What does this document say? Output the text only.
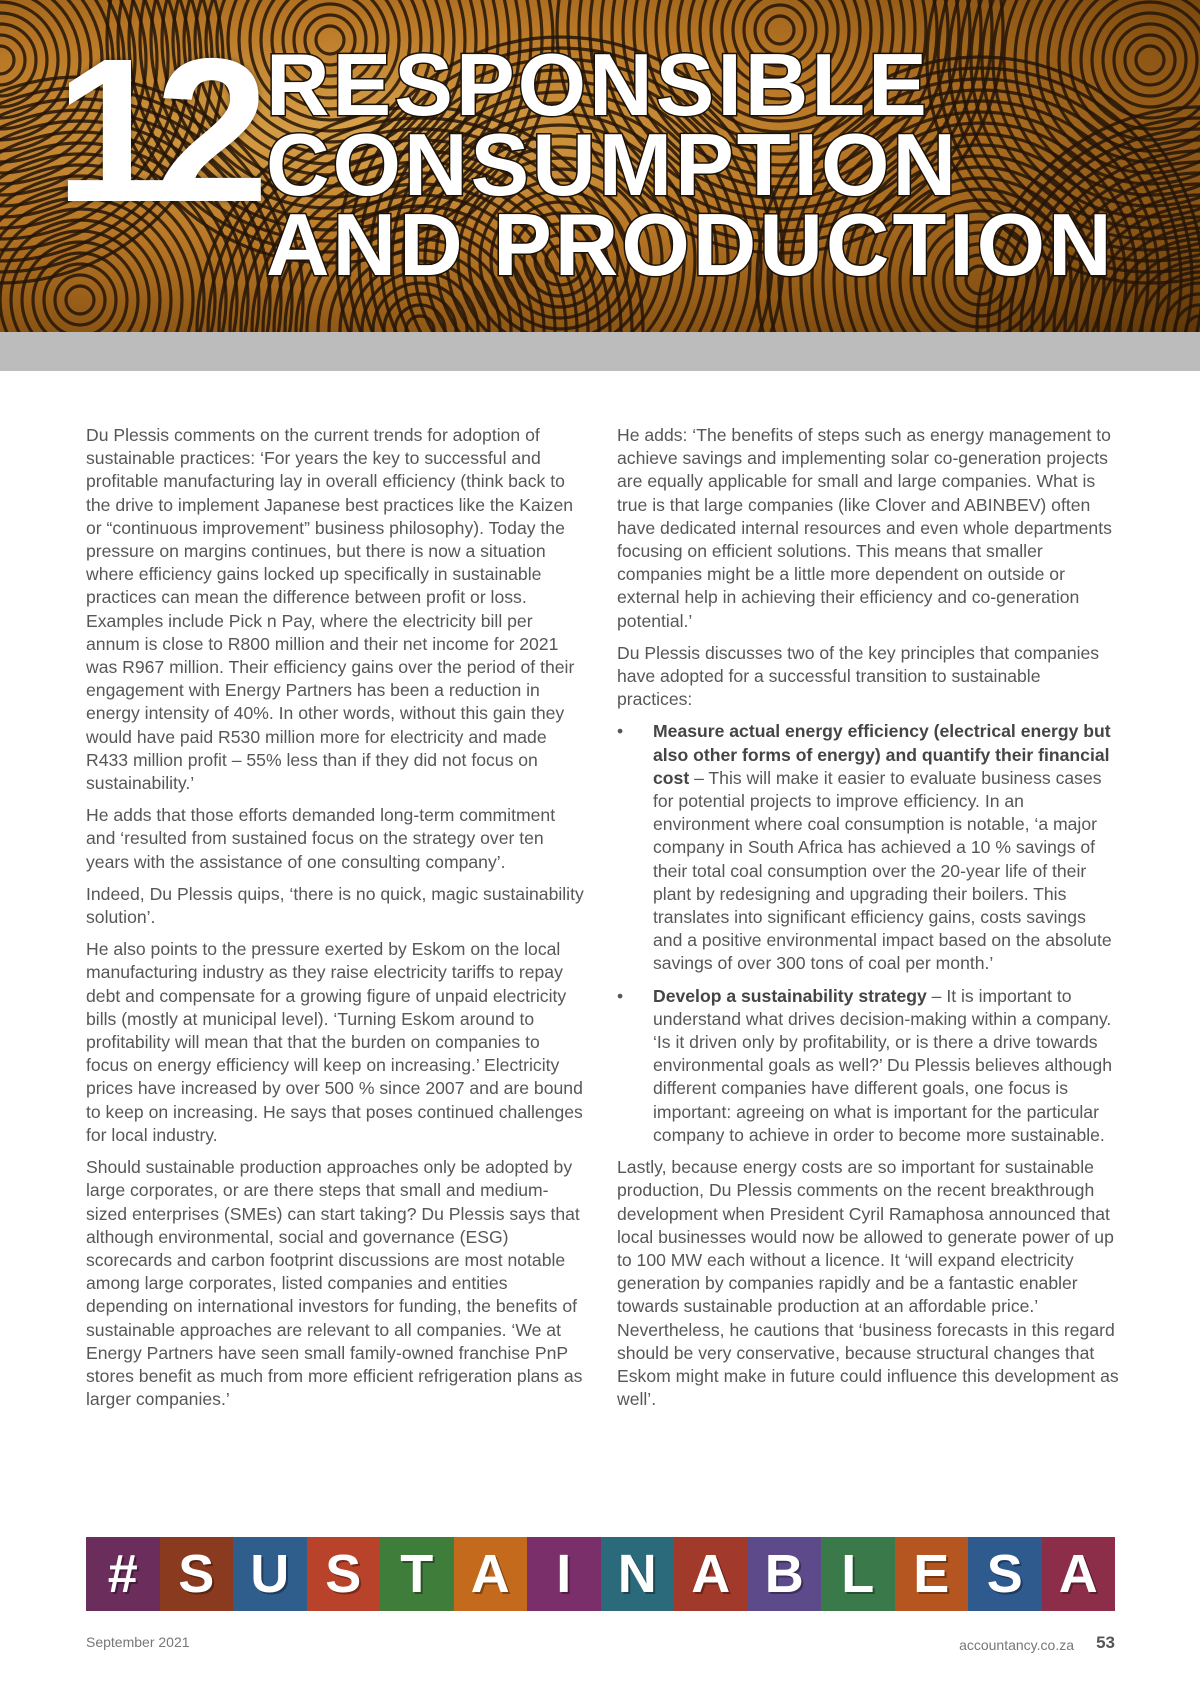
12 RESPONSIBLE
CONSUMPTION
AND PRODUCTION

Du Plessis comments on the current trends for adoption of sustainable practices: ‘For years the key to successful and profitable manufacturing lay in overall efficiency (think back to the drive to implement Japanese best practices like the Kaizen or “continuous improvement” business philosophy). Today the pressure on margins continues, but there is now a situation where efficiency gains locked up specifically in sustainable practices can mean the difference between profit or loss. Examples include Pick n Pay, where the electricity bill per annum is close to R800 million and their net income for 2021 was R967 million. Their efficiency gains over the period of their engagement with Energy Partners has been a reduction in energy intensity of 40%. In other words, without this gain they would have paid R530 million more for electricity and made R433 million profit – 55% less than if they did not focus on sustainability.’

He adds that those efforts demanded long-term commitment and ‘resulted from sustained focus on the strategy over ten years with the assistance of one consulting company’.

Indeed, Du Plessis quips, ‘there is no quick, magic sustainability solution’.

He also points to the pressure exerted by Eskom on the local manufacturing industry as they raise electricity tariffs to repay debt and compensate for a growing figure of unpaid electricity bills (mostly at municipal level). ‘Turning Eskom around to profitability will mean that that the burden on companies to focus on energy efficiency will keep on increasing.’ Electricity prices have increased by over 500 % since 2007 and are bound to keep on increasing. He says that poses continued challenges for local industry.

Should sustainable production approaches only be adopted by large corporates, or are there steps that small and medium-sized enterprises (SMEs) can start taking? Du Plessis says that although environmental, social and governance (ESG) scorecards and carbon footprint discussions are most notable among large corporates, listed companies and entities depending on international investors for funding, the benefits of sustainable approaches are relevant to all companies. ‘We at Energy Partners have seen small family-owned franchise PnP stores benefit as much from more efficient refrigeration plans as larger companies.’

He adds: ‘The benefits of steps such as energy management to achieve savings and implementing solar co-generation projects are equally applicable for small and large companies. What is true is that large companies (like Clover and ABINBEV) often have dedicated internal resources and even whole departments focusing on efficient solutions. This means that smaller companies might be a little more dependent on outside or external help in achieving their efficiency and co-generation potential.’

Du Plessis discusses two of the key principles that companies have adopted for a successful transition to sustainable practices:

• Measure actual energy efficiency (electrical energy but also other forms of energy) and quantify their financial cost – This will make it easier to evaluate business cases for potential projects to improve efficiency. In an environment where coal consumption is notable, ‘a major company in South Africa has achieved a 10 % savings of their total coal consumption over the 20-year life of their plant by redesigning and upgrading their boilers. This translates into significant efficiency gains, costs savings and a positive environmental impact based on the absolute savings of over 300 tons of coal per month.’
• Develop a sustainability strategy – It is important to understand what drives decision-making within a company. ‘Is it driven only by profitability, or is there a drive towards environmental goals as well?’ Du Plessis believes although different companies have different goals, one focus is important: agreeing on what is important for the particular company to achieve in order to become more sustainable.

Lastly, because energy costs are so important for sustainable production, Du Plessis comments on the recent breakthrough development when President Cyril Ramaphosa announced that local businesses would now be allowed to generate power of up to 100 MW each without a licence. It ‘will expand electricity generation by companies rapidly and be a fantastic enabler towards sustainable production at an affordable price.’ Nevertheless, he cautions that ‘business forecasts in this regard should be very conservative, because structural changes that Eskom might make in future could influence this development as well’.

# S U S T A I N A B L E S A
September 2021	accountancy.co.za 53
